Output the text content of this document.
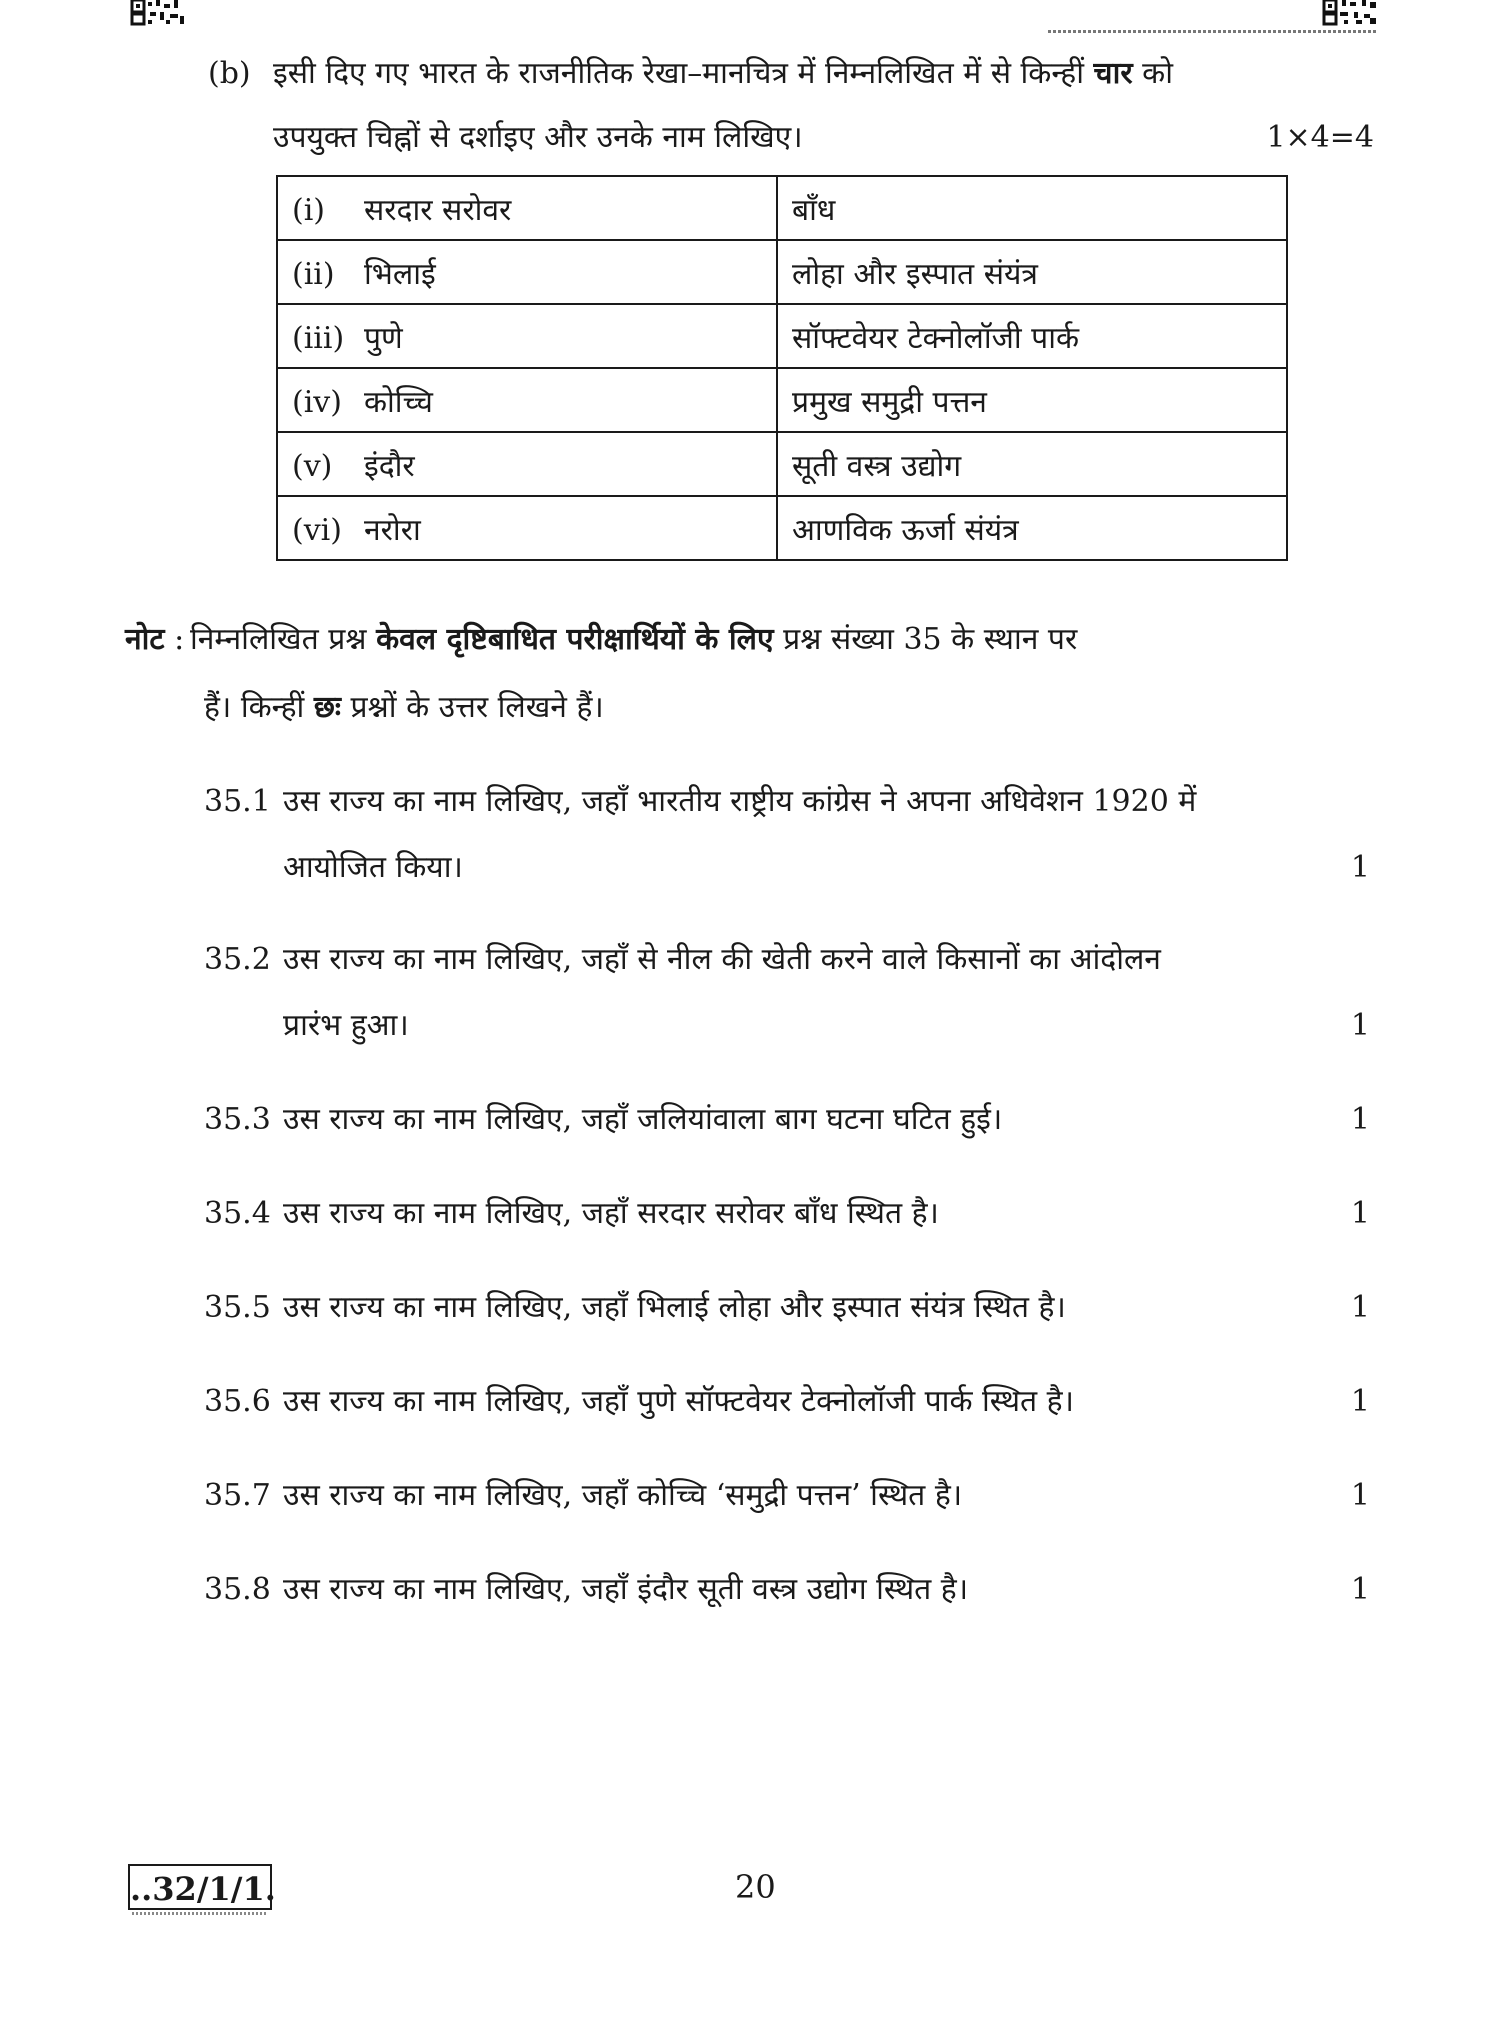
(b) इसी दिए गए भारत के राजनीतिक रेखा–मानचित्र में निम्नलिखित में से किन्हीं चार को
उपयुक्त चिह्नों से दर्शाइए और उनके नाम लिखिए।	1×4=4
(i) सरदार सरोवर	बाँध
(ii) भिलाई	लोहा और इस्पात संयंत्र
(iii) पुणे	सॉफ्टवेयर टेक्नोलॉजी पार्क
(iv) कोच्चि	प्रमुख समुद्री पत्तन
(v) इंदौर	सूती वस्त्र उद्योग
(vi) नरोरा	आणविक ऊर्जा संयंत्र
नोट : निम्नलिखित प्रश्न केवल दृष्टिबाधित परीक्षार्थियों के लिए प्रश्न संख्या 35 के स्थान पर
हैं। किन्हीं छः प्रश्नों के उत्तर लिखने हैं।
35.1 उस राज्य का नाम लिखिए, जहाँ भारतीय राष्ट्रीय कांग्रेस ने अपना अधिवेशन 1920 में
आयोजित किया।	1
35.2 उस राज्य का नाम लिखिए, जहाँ से नील की खेती करने वाले किसानों का आंदोलन
प्रारंभ हुआ।	1
35.3 उस राज्य का नाम लिखिए, जहाँ जलियांवाला बाग घटना घटित हुई।	1
35.4 उस राज्य का नाम लिखिए, जहाँ सरदार सरोवर बाँध स्थित है।	1
35.5 उस राज्य का नाम लिखिए, जहाँ भिलाई लोहा और इस्पात संयंत्र स्थित है।	1
35.6 उस राज्य का नाम लिखिए, जहाँ पुणे सॉफ्टवेयर टेक्नोलॉजी पार्क स्थित है।	1
35.7 उस राज्य का नाम लिखिए, जहाँ कोच्चि ‘समुद्री पत्तन’ स्थित है।	1
35.8 उस राज्य का नाम लिखिए, जहाँ इंदौर सूती वस्त्र उद्योग स्थित है।	1
..32/1/1.	20
